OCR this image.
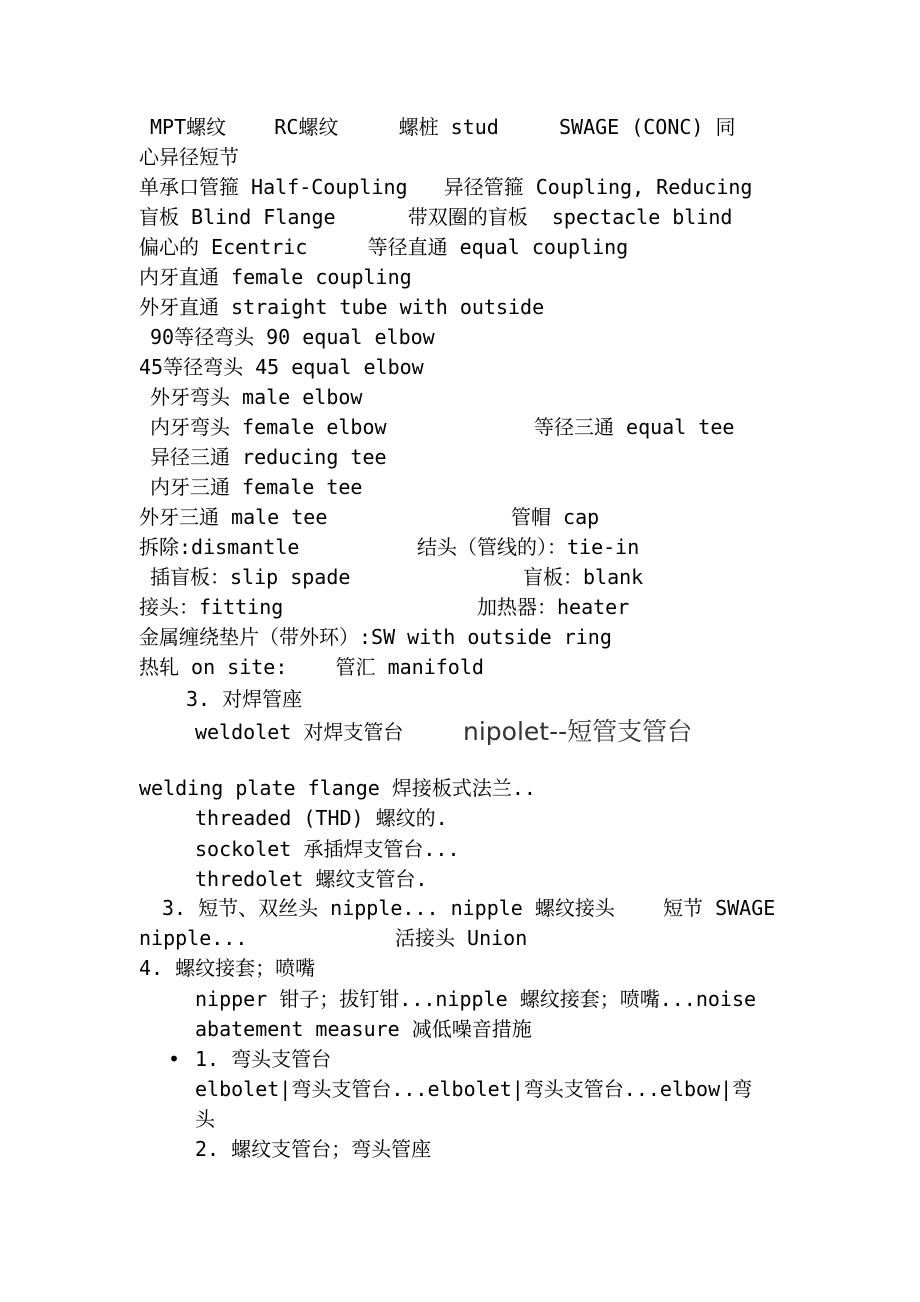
MPT螺纹    RC螺纹     螺桩 stud     SWAGE (CONC) 同
心异径短节
单承口管箍 Half-Coupling   异径管箍 Coupling, Reducing
盲板 Blind Flange      带双圈的盲板  spectacle blind
偏心的 Ecentric     等径直通 equal coupling
内牙直通 female coupling
外牙直通 straight tube with outside
90等径弯头 90 equal elbow
45等径弯头 45 equal elbow
外牙弯头 male elbow
内牙弯头 female elbow	等径三通 equal tee
异径三通 reducing tee
内牙三通 female tee
外牙三通 male tee	管帽 cap
拆除:dismantle	结头（管线的）：tie-in
插盲板：slip spade	盲板：blank
接头：fitting	加热器：heater
金属缠绕垫片（带外环）:SW with outside ring
热轧 on site:    管汇 manifold
3. 对焊管座
weldolet 对焊支管台 nipolet--短管支管台
welding plate flange 焊接板式法兰..
threaded (THD) 螺纹的.
sockolet 承插焊支管台...
thredolet 螺纹支管台.
3. 短节、双丝头 nipple... nipple 螺纹接头    短节 SWAGE
nipple...	活接头 Union
4. 螺纹接套；喷嘴
nipper 钳子；拔钉钳...nipple 螺纹接套；喷嘴...noise
abatement measure 减低噪音措施
• 1. 弯头支管台
elbolet|弯头支管台...elbolet|弯头支管台...elbow|弯
头
2. 螺纹支管台；弯头管座
